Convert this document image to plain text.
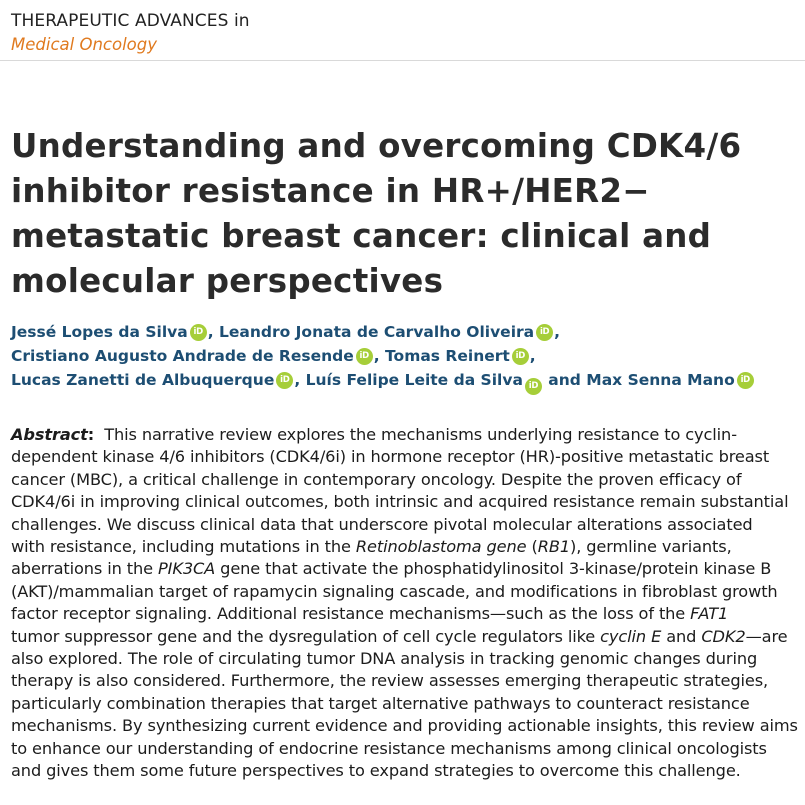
THERAPEUTIC ADVANCES in
Medical Oncology
Understanding and overcoming CDK4/6
inhibitor resistance in HR+/HER2−
metastatic breast cancer: clinical and
molecular perspectives
Jessé Lopes da Silva iD , Leandro Jonata de Carvalho Oliveira iD ,
Cristiano Augusto Andrade de Resende iD , Tomas Reinert iD ,
Lucas Zanetti de Albuquerque iD , Luís Felipe Leite da Silva iD and Max Senna Mano iD
Abstract: This narrative review explores the mechanisms underlying resistance to cyclin-
dependent kinase 4/6 inhibitors (CDK4/6i) in hormone receptor (HR)-positive metastatic breast
cancer (MBC), a critical challenge in contemporary oncology. Despite the proven efficacy of
CDK4/6i in improving clinical outcomes, both intrinsic and acquired resistance remain substantial
challenges. We discuss clinical data that underscore pivotal molecular alterations associated
with resistance, including mutations in the Retinoblastoma gene (RB1), germline variants,
aberrations in the PIK3CA gene that activate the phosphatidylinositol 3-kinase/protein kinase B
(AKT)/mammalian target of rapamycin signaling cascade, and modifications in fibroblast growth
factor receptor signaling. Additional resistance mechanisms—such as the loss of the FAT1
tumor suppressor gene and the dysregulation of cell cycle regulators like cyclin E and CDK2—are
also explored. The role of circulating tumor DNA analysis in tracking genomic changes during
therapy is also considered. Furthermore, the review assesses emerging therapeutic strategies,
particularly combination therapies that target alternative pathways to counteract resistance
mechanisms. By synthesizing current evidence and providing actionable insights, this review aims
to enhance our understanding of endocrine resistance mechanisms among clinical oncologists
and gives them some future perspectives to expand strategies to overcome this challenge.
